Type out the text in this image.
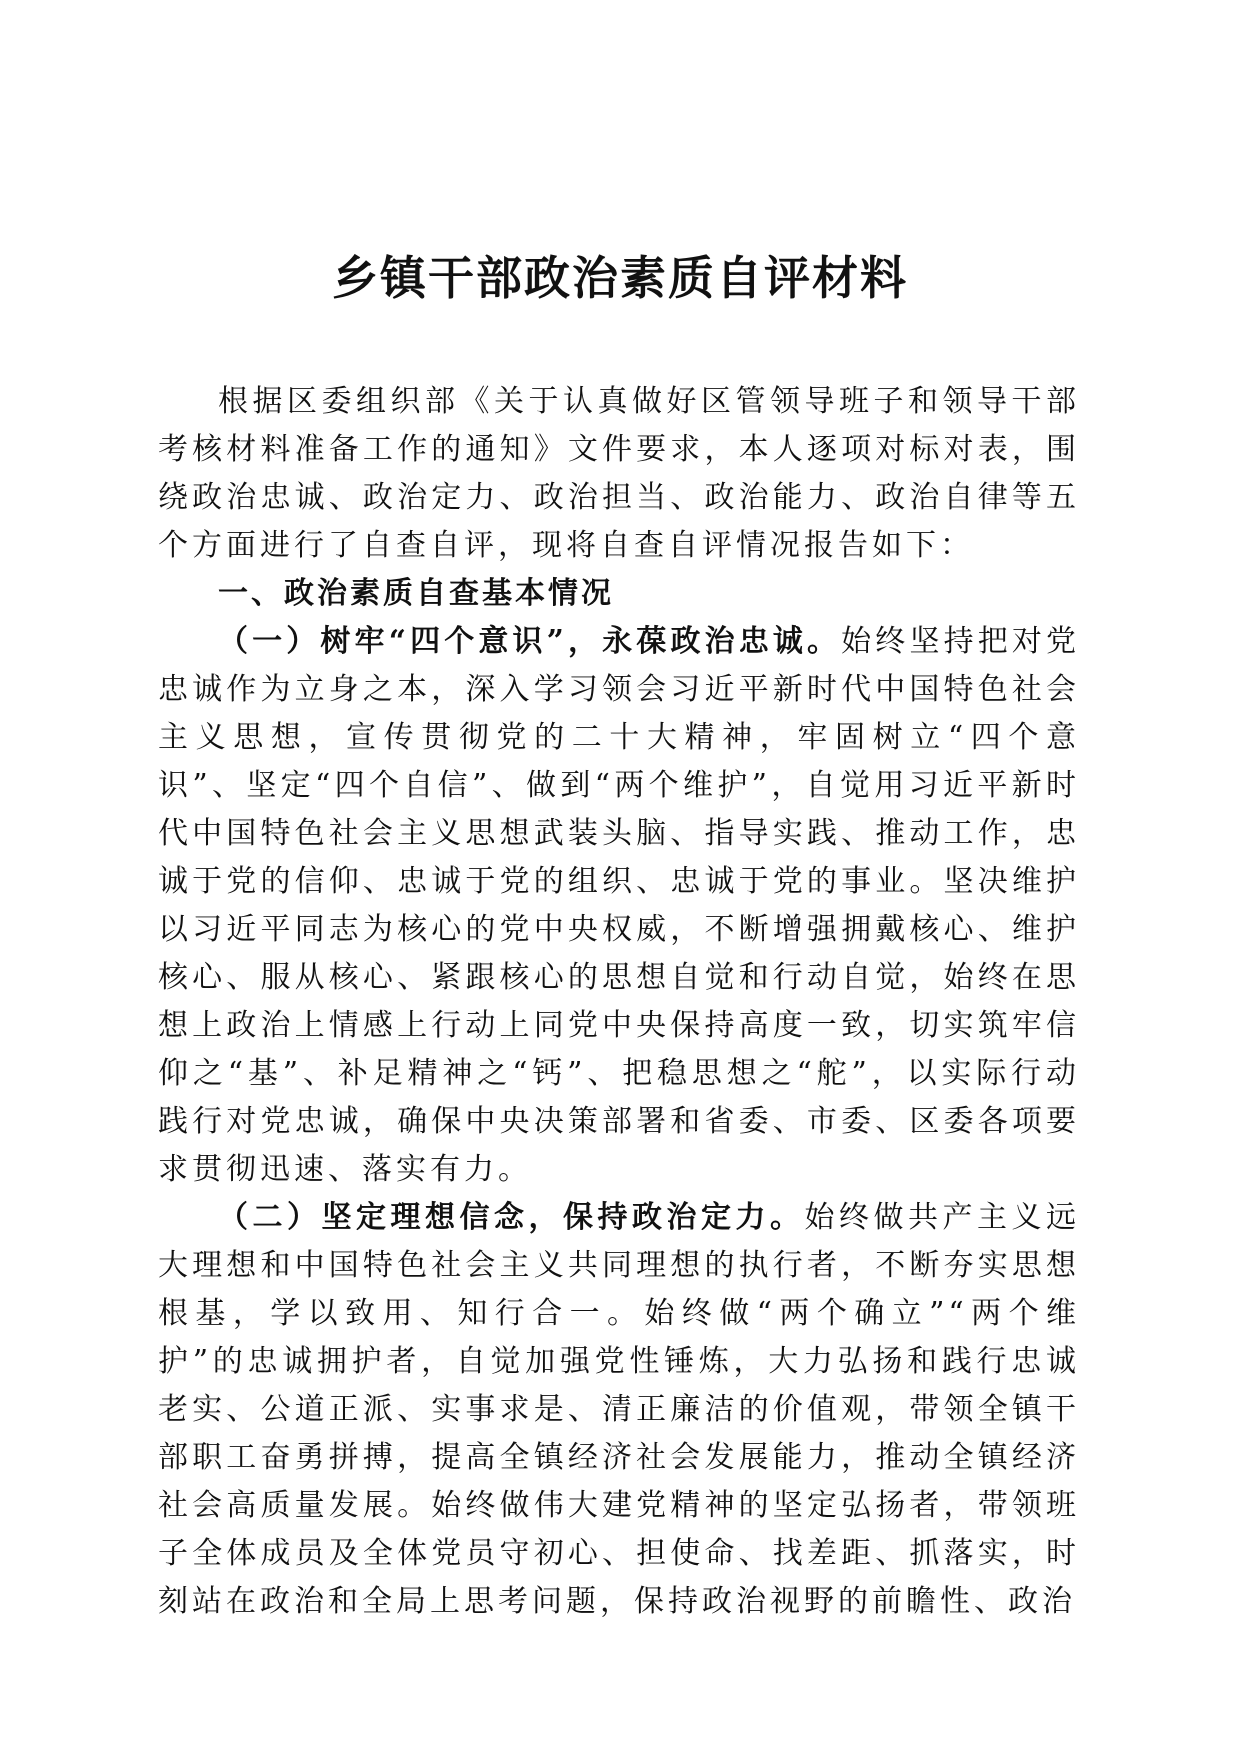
乡镇干部政治素质自评材料

根据区委组织部《关于认真做好区管领导班子和领导干部考核材料准备工作的通知》文件要求，本人逐项对标对表，围绕政治忠诚、政治定力、政治担当、政治能力、政治自律等五个方面进行了自查自评，现将自查自评情况报告如下：

一、政治素质自查基本情况

（一）树牢“四个意识”，永葆政治忠诚。始终坚持把对党忠诚作为立身之本，深入学习领会习近平新时代中国特色社会主义思想，宣传贯彻党的二十大精神，牢固树立“四个意识”、坚定“四个自信”、做到“两个维护”，自觉用习近平新时代中国特色社会主义思想武装头脑、指导实践、推动工作，忠诚于党的信仰、忠诚于党的组织、忠诚于党的事业。坚决维护以习近平同志为核心的党中央权威，不断增强拥戴核心、维护核心、服从核心、紧跟核心的思想自觉和行动自觉，始终在思想上政治上情感上行动上同党中央保持高度一致，切实筑牢信仰之“基”、补足精神之“钙”、把稳思想之“舵”，以实际行动践行对党忠诚，确保中央决策部署和省委、市委、区委各项要求贯彻迅速、落实有力。

（二）坚定理想信念，保持政治定力。始终做共产主义远大理想和中国特色社会主义共同理想的执行者，不断夯实思想根基，学以致用、知行合一。始终做“两个确立”“两个维护”的忠诚拥护者，自觉加强党性锤炼，大力弘扬和践行忠诚老实、公道正派、实事求是、清正廉洁的价值观，带领全镇干部职工奋勇拼搏，提高全镇经济社会发展能力，推动全镇经济社会高质量发展。始终做伟大建党精神的坚定弘扬者，带领班子全体成员及全体党员守初心、担使命、找差距、抓落实，时刻站在政治和全局上思考问题，保持政治视野的前瞻性、政治
